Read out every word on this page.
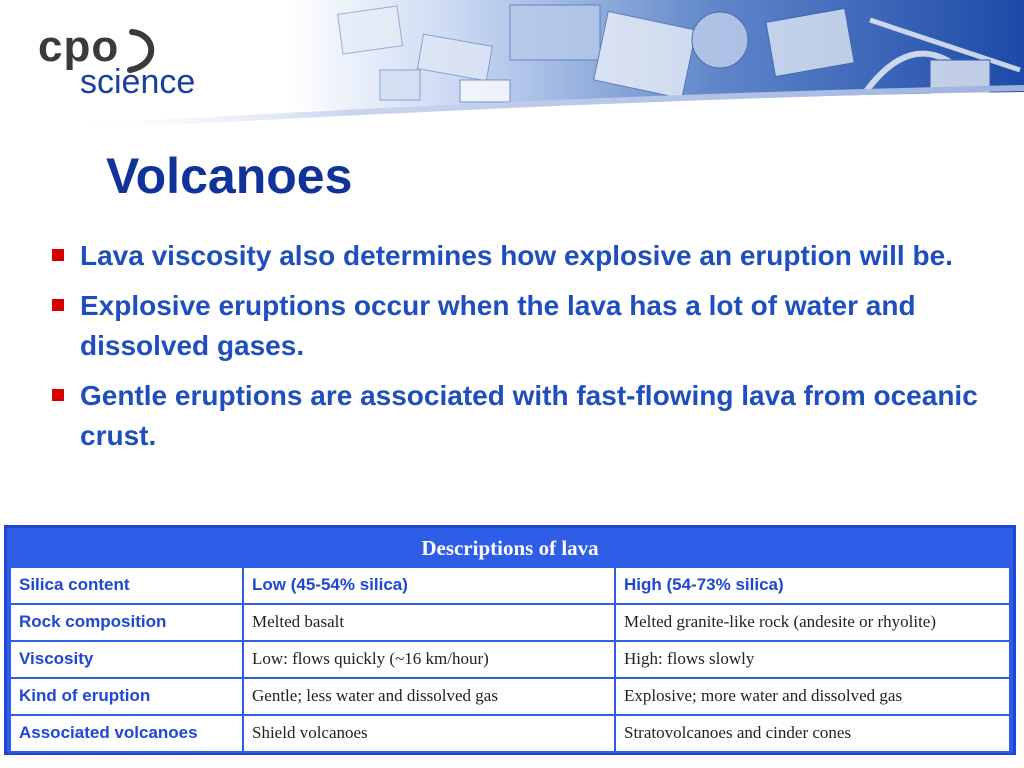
cpo
science
Volcanoes
Lava viscosity also determines how explosive an eruption will be.
Explosive eruptions occur when the lava has a lot of water and dissolved gases.
Gentle eruptions are associated with fast-flowing lava from oceanic crust.
Descriptions of lava		
Silica content	Low (45-54% silica)	High (54-73% silica)
Rock composition	Melted basalt	Melted granite-like rock (andesite or rhyolite)
Viscosity	Low: flows quickly (~16 km/hour)	High: flows slowly
Kind of eruption	Gentle; less water and dissolved gas	Explosive; more water and dissolved gas
Associated volcanoes	Shield volcanoes	Stratovolcanoes and cinder cones
